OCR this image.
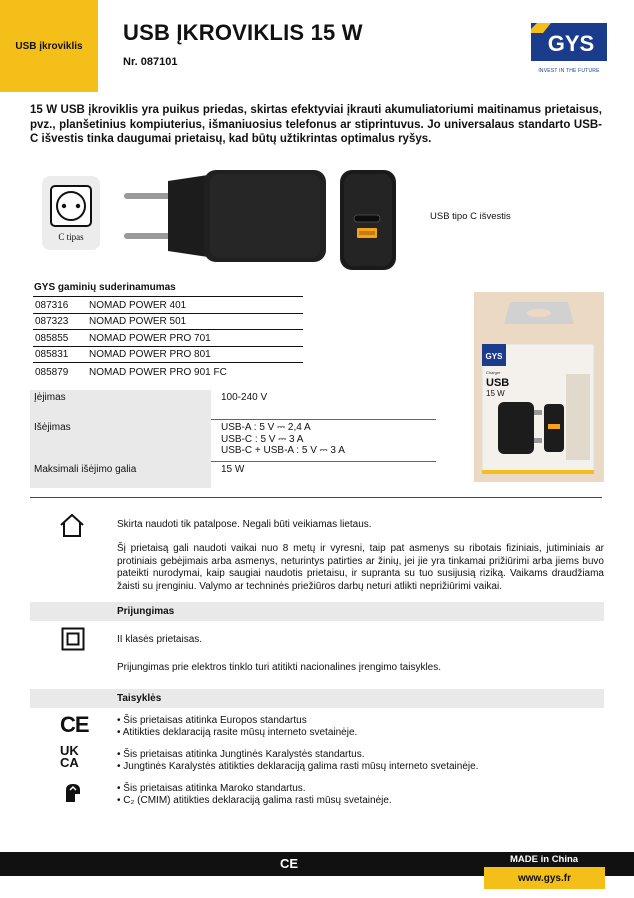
USB įkroviklis
USB ĮKROVIKLIS 15 W
Nr. 087101
GYS
INVEST IN THE FUTURE
15 W USB įkroviklis yra puikus priedas, skirtas efektyviai įkrauti akumuliatoriumi maitinamus prietaisus, pvz., planšetinius kompiuterius, išmaniuosius telefonus ar stiprintuvus. Jo universalaus standarto USB-C išvestis tinka daugumai prietaisų, kad būtų užtikrintas optimalus ryšys.
C tipas
USB tipo C išvestis
GYS gaminių suderinamumas
087316	NOMAD POWER 401
087323	NOMAD POWER 501
085855	NOMAD POWER PRO 701
085831	NOMAD POWER PRO 801
085879	NOMAD POWER PRO 901 FC
Įėjimas	100-240 V
Išėjimas	USB-A : 5 V ⎓ 2,4 A
USB-C : 5 V ⎓ 3 A
USB-C + USB-A : 5 V ⎓ 3 A
Maksimali išėjimo galia	15 W
GYS
Charger
USB
15 W
Skirta naudoti tik patalpose. Negali būti veikiamas lietaus.
Šį prietaisą gali naudoti vaikai nuo 8 metų ir vyresni, taip pat asmenys su ribotais fiziniais, jutiminiais ar protiniais gebėjimais arba asmenys, neturintys patirties ar žinių, jei jie yra tinkamai prižiūrimi arba jiems buvo pateikti nurodymai, kaip saugiai naudotis prietaisu, ir supranta su tuo susijusią riziką. Vaikams draudžiama žaisti su įrenginiu. Valymo ar techninės priežiūros darbų neturi atlikti neprižiūrimi vaikai.
Prijungimas
II klasės prietaisas.
Prijungimas prie elektros tinklo turi atitikti nacionalines įrengimo taisykles.
Taisyklės
CE	• Šis prietaisas atitinka Europos standartus
• Atitikties deklaraciją rasite mūsų interneto svetainėje.
UK
CA
• Šis prietaisas atitinka Jungtinės Karalystės standartus.
• Jungtinės Karalystės atitikties deklaraciją galima rasti mūsų interneto svetainėje.
• Šis prietaisas atitinka Maroko standartus.
• C₂ (CMIM) atitikties deklaraciją galima rasti mūsų svetainėje.
CE	MADE in China
www.gys.fr
